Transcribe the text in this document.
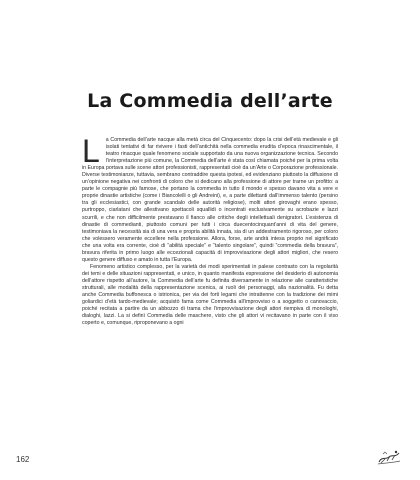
La Commedia dell’arte

L	a Commedia dell’arte nacque alla metà circa del Cinquecento: dopo la crisi dell’età medievale e gli isolati tentativi di far rivivere i fasti dell’antichità nella commedia erudita d’epoca rinascimentale, il teatro rinacque quale fenomeno sociale supportato da una nuova organizzazione tecnica. Secondo l’interpretazione più comune, la Commedia dell’arte è stata così chiamata poiché per la prima volta in Europa portava sulle scene attori professionisti, rappresentati cioè da un’Arte o Corporazione professionale. Diverse testimonianze, tuttavia, sembrano contraddire questa ipotesi, ed evidenziano piuttosto la diffusione di un’opinione negativa nei confronti di coloro che si dedicano alla professione di attore per trarne un profitto: a parte le compagnie più famose, che portano la commedia in tutto il mondo e spesso davano vita a vere e proprie dinastie artistiche (come i Biancolelli o gli Andreini), e, a parte dilettanti dall’immenso talento (persino tra gli ecclesiastici, con grande scandalo delle autorità religiose), molti attori girovaghi erano spesso, purtroppo, ciarlatani che allestivano spettacoli squallidi o incentrati esclusivamente su acrobazie e lazzi scurrili, e che non difficilmente prestavano il fianco alle critiche degli intellettuali denigratori. L’esistenza di dinastie di commedianti, piuttosto comuni per tutti i circa duecentocinquant’anni di vita del genere, testimoniava la necessità sia di una vera e propria abilità innata, sia di un addestramento rigoroso, per coloro che volessero veramente eccellere nella professione. Allora, forse, arte andrà intesa proprio nel significato che una volta era corrente, cioè di “abilità speciale” e “talento singolare”, quindi “commedia della bravura”, bravura riferita in primo luogo alle eccezionali capacità di improvvisazione degli attori migliori, che resero questo genere diffuso e amato in tutta l’Europa.

Fenomeno artistico complesso, per la varietà dei modi sperimentati in palese contrasto con la regolarità dei temi e delle situazioni rappresentati, e unico, in quanto manifesta espressione del desiderio di autonomia dell’attore rispetto all’autore, la Commedia dell’arte fu definita diversamente in relazione alle caratteristiche strutturali, alle modalità della rappresentazione scenica, ai ruoli dei personaggi, alla nazionalità. Fu detta anche Commedia buffonesca o istrionica, per via dei forti legami che intrattenne con la tradizione dei mimi goliardici d’età tardo-medievale; acquistò fama come Commedia all’improvviso o a soggetto o canovaccio, poiché recitata a partire da un abbozzo di trama che l’improvvisazione degli attori riempiva di monologhi, dialoghi, lazzi. La si definì Commedia delle maschere, visto che gli attori vi recitavano in parte con il viso coperto e, comunque, riproponevano a ogni

162
